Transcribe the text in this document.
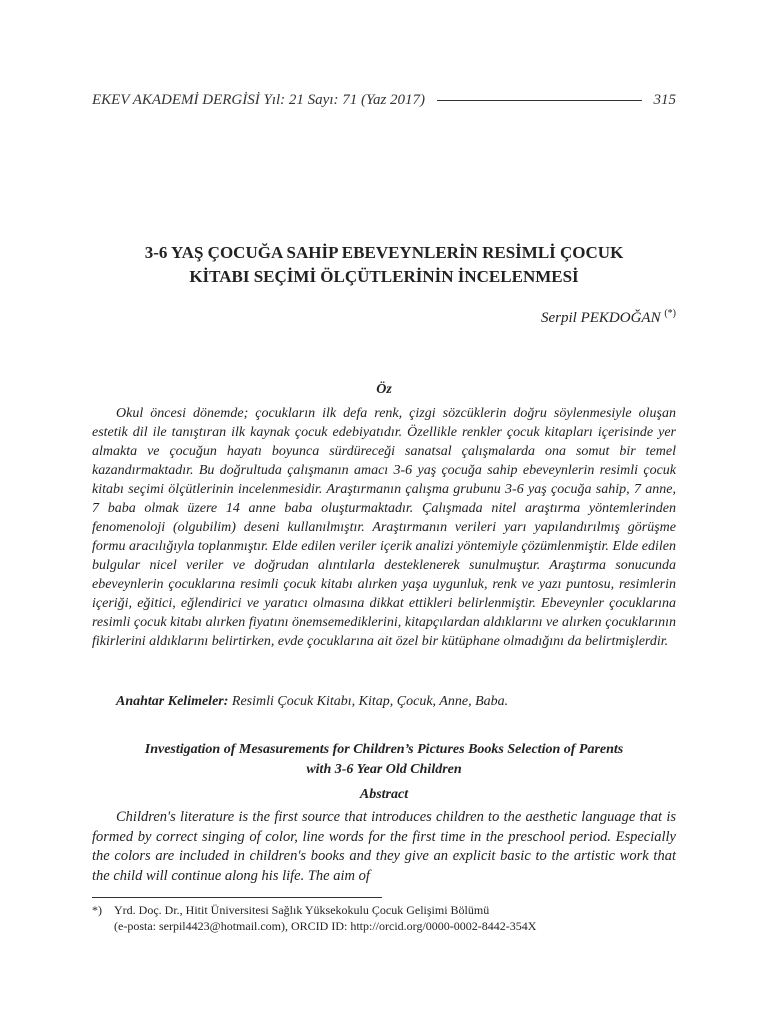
EKEV AKADEMİ DERGİSİ Yıl: 21 Sayı: 71 (Yaz 2017)	315
3-6 YAŞ ÇOCUĞA SAHİP EBEVEYNLERİN RESİMLİ ÇOCUK
KİTABI SEÇİMİ ÖLÇÜTLERİNİN İNCELENMESİ
Serpil PEKDOĞAN (*)
Öz

Okul öncesi dönemde; çocukların ilk defa renk, çizgi sözcüklerin doğru söylenmesiyle oluşan estetik dil ile tanıştıran ilk kaynak çocuk edebiyatıdır. Özellikle renkler çocuk kitapları içerisinde yer almakta ve çocuğun hayatı boyunca sürdüreceği sanatsal çalışmalarda ona somut bir temel kazandırmaktadır. Bu doğrultuda çalışmanın amacı 3-6 yaş çocuğa sahip ebeveynlerin resimli çocuk kitabı seçimi ölçütlerinin incelenmesidir. Araştırmanın çalışma grubunu 3-6 yaş çocuğa sahip, 7 anne, 7 baba olmak üzere 14 anne baba oluşturmaktadır. Çalışmada nitel araştırma yöntemlerinden fenomenoloji (olgubilim) deseni kullanılmıştır. Araştırmanın verileri yarı yapılandırılmış görüşme formu aracılığıyla toplanmıştır. Elde edilen veriler içerik analizi yöntemiyle çözümlenmiştir. Elde edilen bulgular nicel veriler ve doğrudan alıntılarla desteklenerek sunulmuştur. Araştırma sonucunda ebeveynlerin çocuklarına resimli çocuk kitabı alırken yaşa uygunluk, renk ve yazı puntosu, resimlerin içeriği, eğitici, eğlendirici ve yaratıcı olmasına dikkat ettikleri belirlenmiştir. Ebeveynler çocuklarına resimli çocuk kitabı alırken fiyatını önemsemediklerini, kitapçılardan aldıklarını ve alırken çocuklarının fikirlerini aldıklarını belirtirken, evde çocuklarına ait özel bir kütüphane olmadığını da belirtmişlerdir.

Anahtar Kelimeler: Resimli Çocuk Kitabı, Kitap, Çocuk, Anne, Baba.
Investigation of Mesasurements for Children’s Pictures Books Selection of Parents
with 3-6 Year Old Children
Abstract

Children's literature is the first source that introduces children to the aesthetic language that is formed by correct singing of color, line words for the first time in the preschool period. Especially the colors are included in children's books and they give an explicit basic to the artistic work that the child will continue along his life. The aim of

*)	Yrd. Doç. Dr., Hitit Üniversitesi Sağlık Yüksekokulu Çocuk Gelişimi Bölümü
(e-posta: serpil4423@hotmail.com), ORCID ID: http://orcid.org/0000-0002-8442-354X
